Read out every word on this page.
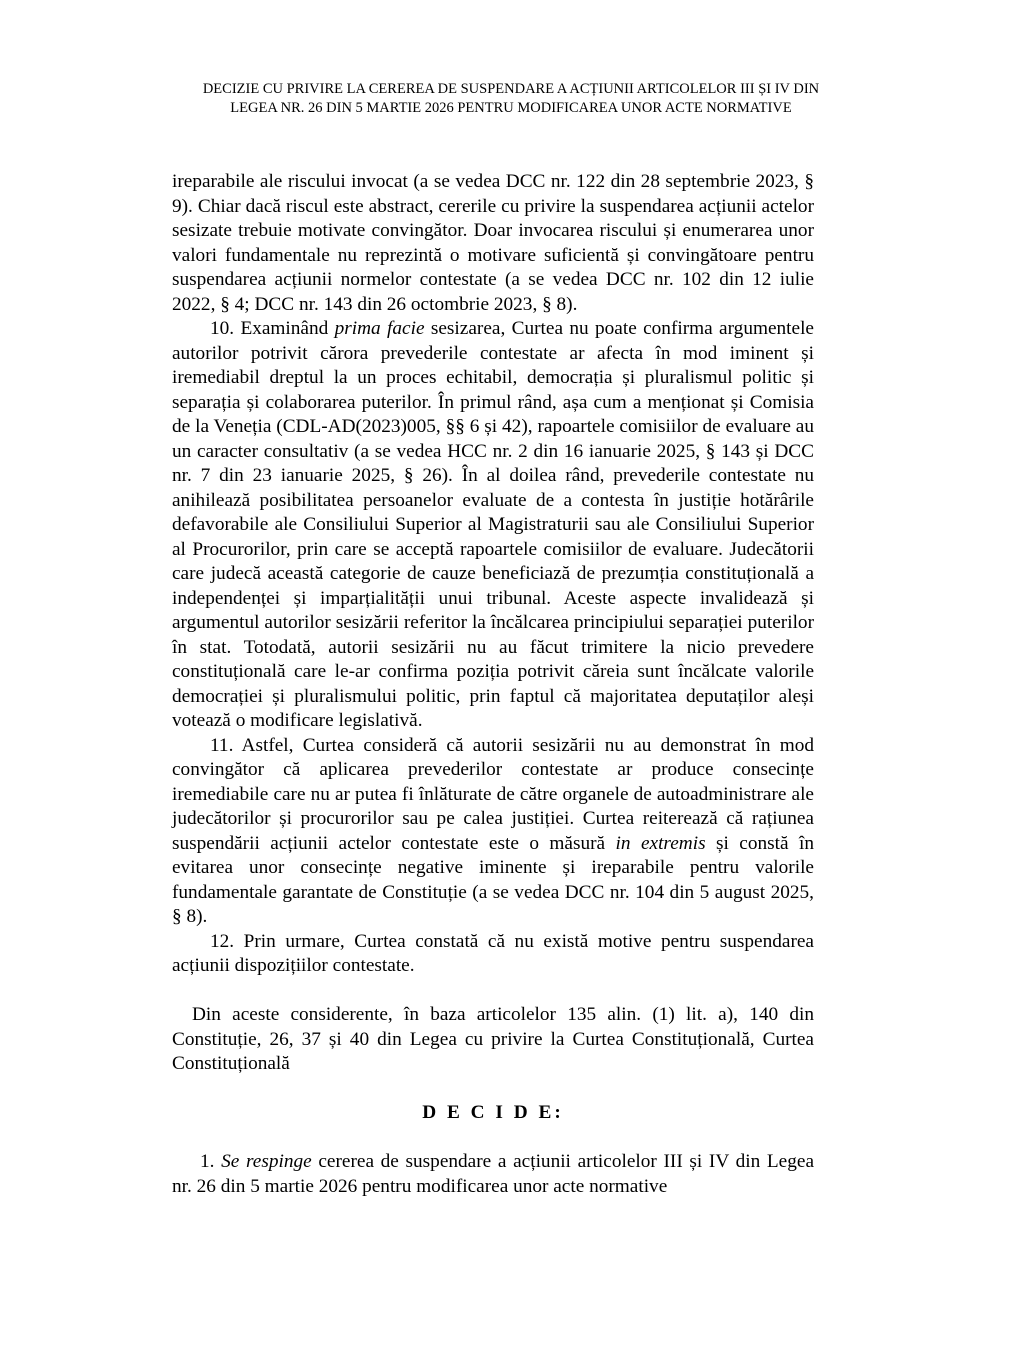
DECIZIE CU PRIVIRE LA CEREREA DE SUSPENDARE A ACȚIUNII ARTICOLELOR III ȘI IV DIN
LEGEA NR. 26 DIN 5 MARTIE 2026 PENTRU MODIFICAREA UNOR ACTE NORMATIVE

ireparabile ale riscului invocat (a se vedea DCC nr. 122 din 28 septembrie 2023, § 9). Chiar dacă riscul este abstract, cererile cu privire la suspendarea acțiunii actelor sesizate trebuie motivate convingător. Doar invocarea riscului și enumerarea unor valori fundamentale nu reprezintă o motivare suficientă și convingătoare pentru suspendarea acțiunii normelor contestate (a se vedea DCC nr. 102 din 12 iulie 2022, § 4; DCC nr. 143 din 26 octombrie 2023, § 8).

10. Examinând prima facie sesizarea, Curtea nu poate confirma argumentele autorilor potrivit cărora prevederile contestate ar afecta în mod iminent și iremediabil dreptul la un proces echitabil, democrația și pluralismul politic și separația și colaborarea puterilor. În primul rând, așa cum a menționat și Comisia de la Veneția (CDL-AD(2023)005, §§ 6 și 42), rapoartele comisiilor de evaluare au un caracter consultativ (a se vedea HCC nr. 2 din 16 ianuarie 2025, § 143 și DCC nr. 7 din 23 ianuarie 2025, § 26). În al doilea rând, prevederile contestate nu anihilează posibilitatea persoanelor evaluate de a contesta în justiție hotărârile defavorabile ale Consiliului Superior al Magistraturii sau ale Consiliului Superior al Procurorilor, prin care se acceptă rapoartele comisiilor de evaluare. Judecătorii care judecă această categorie de cauze beneficiază de prezumția constituțională a independenței și imparțialității unui tribunal. Aceste aspecte invalidează și argumentul autorilor sesizării referitor la încălcarea principiului separației puterilor în stat. Totodată, autorii sesizării nu au făcut trimitere la nicio prevedere constituțională care le-ar confirma poziția potrivit căreia sunt încălcate valorile democrației și pluralismului politic, prin faptul că majoritatea deputaților aleși votează o modificare legislativă.

11. Astfel, Curtea consideră că autorii sesizării nu au demonstrat în mod convingător că aplicarea prevederilor contestate ar produce consecințe iremediabile care nu ar putea fi înlăturate de către organele de autoadministrare ale judecătorilor și procurorilor sau pe calea justiției. Curtea reiterează că rațiunea suspendării acțiunii actelor contestate este o măsură in extremis și constă în evitarea unor consecințe negative iminente și ireparabile pentru valorile fundamentale garantate de Constituție (a se vedea DCC nr. 104 din 5 august 2025, § 8).

12. Prin urmare, Curtea constată că nu există motive pentru suspendarea acțiunii dispozițiilor contestate.

Din aceste considerente, în baza articolelor 135 alin. (1) lit. a), 140 din Constituție, 26, 37 și 40 din Legea cu privire la Curtea Constituțională, Curtea Constituțională

D E C I D E:

1. Se respinge cererea de suspendare a acțiunii articolelor III și IV din Legea nr. 26 din 5 martie 2026 pentru modificarea unor acte normative
